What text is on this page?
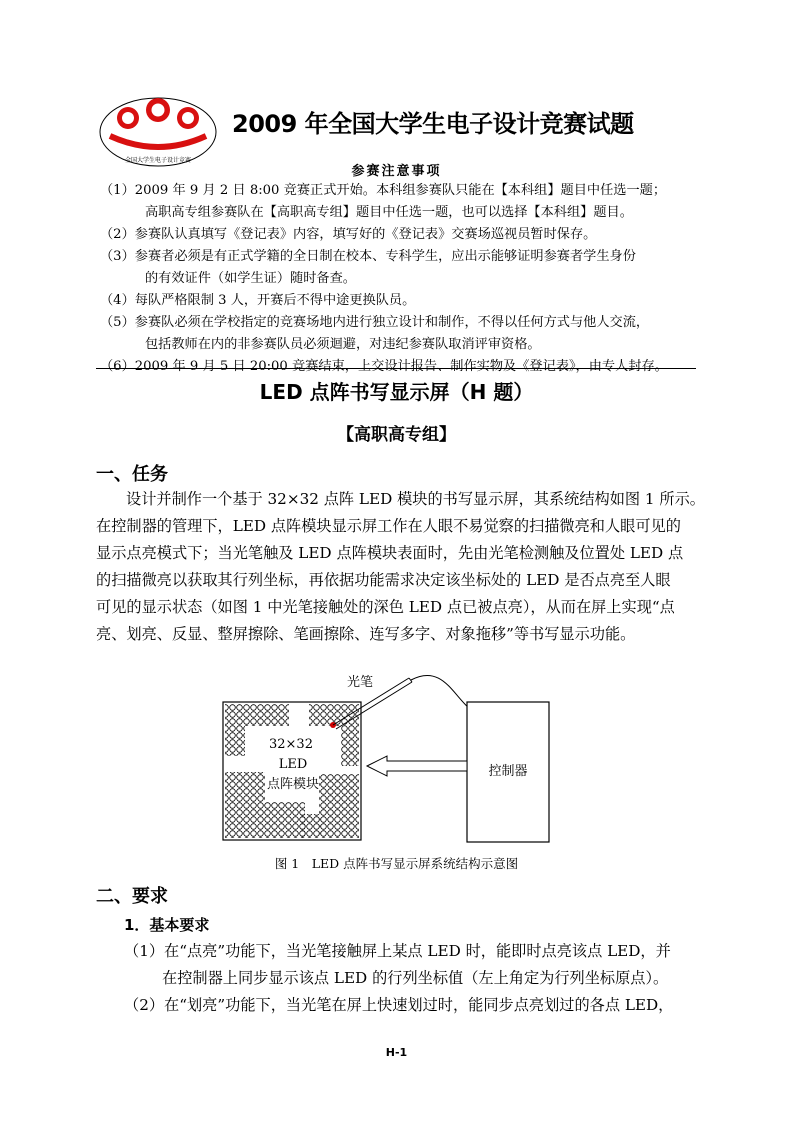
全国大学生电子设计竞赛
2009 年全国大学生电子设计竞赛试题
参赛注意事项
（1）2009 年 9 月 2 日 8:00 竞赛正式开始。本科组参赛队只能在【本科组】题目中任选一题；
高职高专组参赛队在【高职高专组】题目中任选一题，也可以选择【本科组】题目。
（2）参赛队认真填写《登记表》内容，填写好的《登记表》交赛场巡视员暂时保存。
（3）参赛者必须是有正式学籍的全日制在校本、专科学生，应出示能够证明参赛者学生身份
的有效证件（如学生证）随时备查。
（4）每队严格限制 3 人，开赛后不得中途更换队员。
（5）参赛队必须在学校指定的竞赛场地内进行独立设计和制作，不得以任何方式与他人交流，
包括教师在内的非参赛队员必须迴避，对违纪参赛队取消评审资格。
（6）2009 年 9 月 5 日 20:00 竞赛结束，上交设计报告、制作实物及《登记表》，由专人封存。
LED 点阵书写显示屏（H 题）
【高职高专组】
一、任务
设计并制作一个基于 32×32 点阵 LED 模块的书写显示屏，其系统结构如图 1 所示。
在控制器的管理下，LED 点阵模块显示屏工作在人眼不易觉察的扫描微亮和人眼可见的
显示点亮模式下；当光笔触及 LED 点阵模块表面时，先由光笔检测触及位置处 LED 点
的扫描微亮以获取其行列坐标，再依据功能需求决定该坐标处的 LED 是否点亮至人眼
可见的显示状态（如图 1 中光笔接触处的深色 LED 点已被点亮），从而在屏上实现“点
亮、划亮、反显、整屏擦除、笔画擦除、连写多字、对象拖移”等书写显示功能。
光笔
32×32
LED
点阵模块
控制器
图 1　LED 点阵书写显示屏系统结构示意图
二、要求
1．基本要求
（1）在“点亮”功能下，当光笔接触屏上某点 LED 时，能即时点亮该点 LED，并
在控制器上同步显示该点 LED 的行列坐标值（左上角定为行列坐标原点）。
（2）在“划亮”功能下，当光笔在屏上快速划过时，能同步点亮划过的各点 LED，
H-1
